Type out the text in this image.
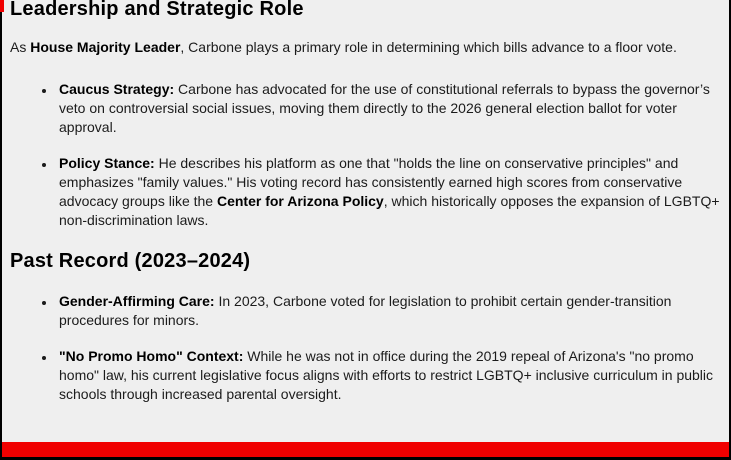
Leadership and Strategic Role

As House Majority Leader, Carbone plays a primary role in determining which bills advance to a floor vote.

• Caucus Strategy: Carbone has advocated for the use of constitutional referrals to bypass the governor’s veto on controversial social issues, moving them directly to the 2026 general election ballot for voter approval.
• Policy Stance: He describes his platform as one that "holds the line on conservative principles" and emphasizes "family values." His voting record has consistently earned high scores from conservative advocacy groups like the Center for Arizona Policy, which historically opposes the expansion of LGBTQ+ non-discrimination laws.
Past Record (2023–2024)
• Gender-Affirming Care: In 2023, Carbone voted for legislation to prohibit certain gender-transition procedures for minors.
• "No Promo Homo" Context: While he was not in office during the 2019 repeal of Arizona's "no promo homo" law, his current legislative focus aligns with efforts to restrict LGBTQ+ inclusive curriculum in public schools through increased parental oversight.
